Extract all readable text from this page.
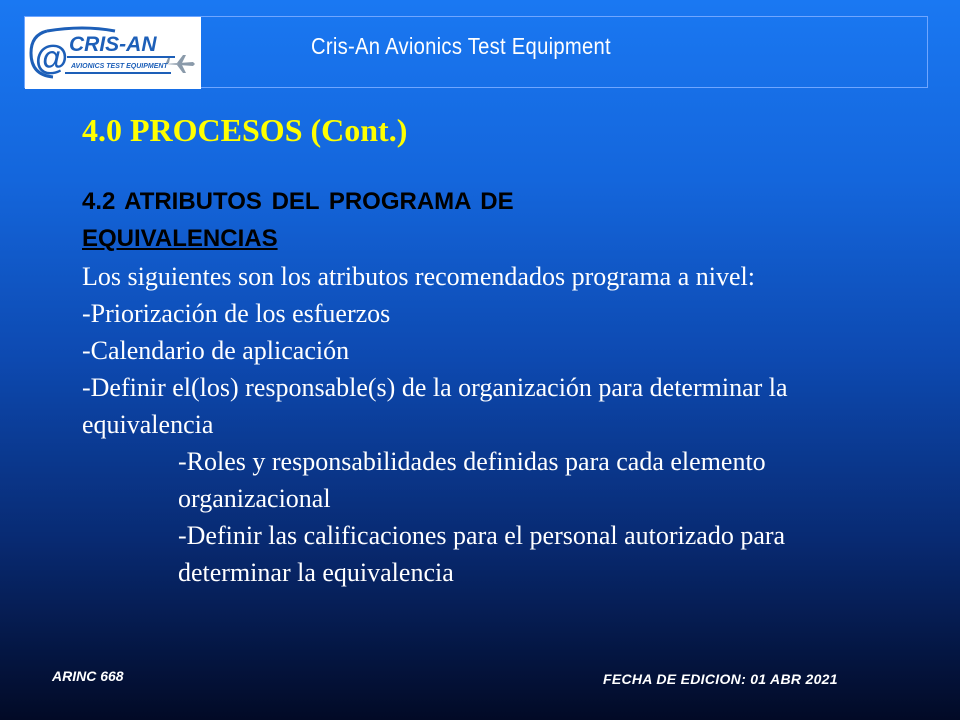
@ CRIS-AN
AVIONICS TEST EQUIPMENT
Cris-An Avionics Test Equipment
4.0 PROCESOS (Cont.)
4.2 ATRIBUTOS DEL PROGRAMA DE
EQUIVALENCIAS

Los siguientes son los atributos recomendados programa a nivel:

-Priorización de los esfuerzos

-Calendario de aplicación

-Definir el(los) responsable(s) de la organización para determinar la equivalencia

-Roles y responsabilidades definidas para cada elemento organizacional

-Definir las calificaciones para el personal autorizado para determinar la equivalencia

ARINC 668	FECHA DE EDICION: 01 ABR 2021
